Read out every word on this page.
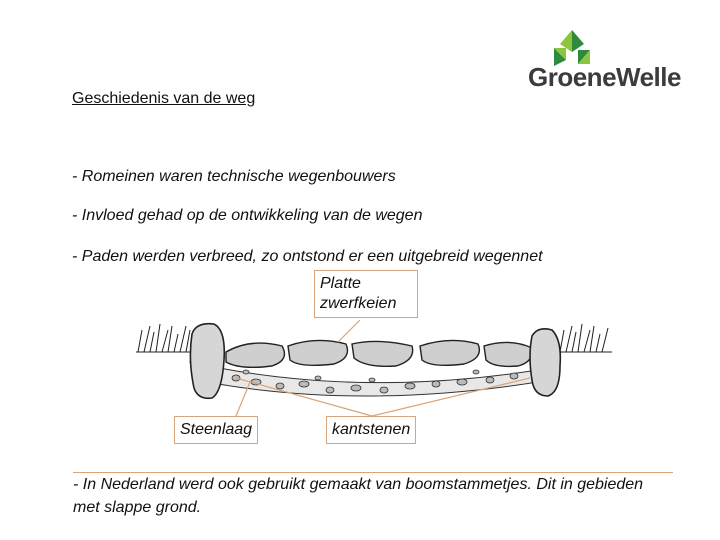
GroeneWelle
Geschiedenis van de weg
- Romeinen waren technische wegenbouwers
- Invloed gehad op de ontwikkeling van de wegen
- Paden werden verbreed, zo ontstond er een uitgebreid wegennet
Platte zwerfkeien
Steenlaag	kantstenen
- In Nederland werd ook gebruikt gemaakt van boomstammetjes. Dit in gebieden met slappe grond.
